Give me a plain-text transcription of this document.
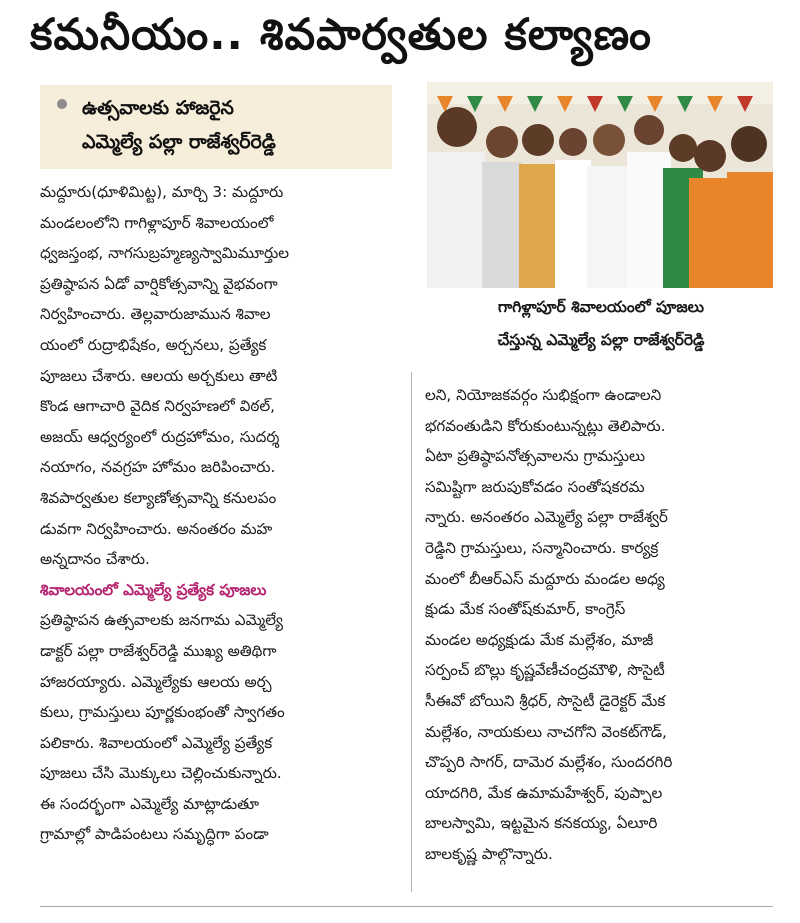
కమనీయం.. శివపార్వతుల కల్యాణం
ఉత్సవాలకు హాజరైన
ఎమ్మెల్యే పల్లా రాజేశ్వర్‌రెడ్డి
గాగిళ్లాపూర్ శివాలయంలో పూజలు
చేస్తున్న ఎమ్మెల్యే పల్లా రాజేశ్వర్‌రెడ్డి
మద్దూరు(ధూళిమిట్ట), మార్చి 3: మద్దూరు
మండలంలోని గాగిళ్లాపూర్ శివాలయంలో
ధ్వజస్తంభ, నాగసుబ్రహ్మణ్యస్వామిమూర్తుల
ప్రతిష్ఠాపన ఏడో వార్షికోత్సవాన్ని వైభవంగా
నిర్వహించారు. తెల్లవారుజామున శివాల
యంలో రుద్రాభిషేకం, అర్చనలు, ప్రత్యేక
పూజలు చేశారు. ఆలయ అర్చకులు తాటి
కొండ ఆగాచారి వైదిక నిర్వహణలో విఠల్,
అజయ్ ఆధ్వర్యంలో రుద్రహోమం, సుదర్శ
నయాగం, నవగ్రహ హోమం జరిపించారు.
శివపార్వతుల కల్యాణోత్సవాన్ని కనులపం
డువగా నిర్వహించారు. అనంతరం మహ
అన్నదానం చేశారు.
శివాలయంలో ఎమ్మెల్యే ప్రత్యేక పూజలు
ప్రతిష్ఠాపన ఉత్సవాలకు జనగామ ఎమ్మెల్యే
డాక్టర్ పల్లా రాజేశ్వర్‌రెడ్డి ముఖ్య అతిథిగా
హాజరయ్యారు. ఎమ్మెల్యేకు ఆలయ అర్చ
కులు, గ్రామస్తులు పూర్ణకుంభంతో స్వాగతం
పలికారు. శివాలయంలో ఎమ్మెల్యే ప్రత్యేక
పూజలు చేసి మొక్కులు చెల్లించుకున్నారు.
ఈ సందర్భంగా ఎమ్మెల్యే మాట్లాడుతూ
గ్రామాల్లో పాడిపంటలు సమృద్ధిగా పండా
లని, నియోజకవర్గం సుభిక్షంగా ఉండాలని
భగవంతుడిని కోరుకుంటున్నట్లు తెలిపారు.
ఏటా ప్రతిష్ఠాపనోత్సవాలను గ్రామస్తులు
సమిష్టిగా జరుపుకోవడం సంతోషకరమ
న్నారు. అనంతరం ఎమ్మెల్యే పల్లా రాజేశ్వర్
రెడ్డిని గ్రామస్తులు, సన్మానించారు. కార్యక్ర
మంలో బీఆర్ఎస్ మద్దూరు మండల అధ్య
క్షుడు మేక సంతోష్‌కుమార్, కాంగ్రెస్
మండల అధ్యక్షుడు మేక మల్లేశం, మాజీ
సర్పంచ్ బొల్లు కృష్ణవేణీచంద్రమౌళి, సొసైటీ
సీఈవో బోయిని శ్రీధర్, సొసైటీ డైరెక్టర్ మేక
మల్లేశం, నాయకులు నాచగోని వెంకట్‌గౌడ్,
చొప్పరి సాగర్, దామెర మల్లేశం, సుందరగిరి
యాదగిరి, మేక ఉమామహేశ్వర్, పుప్పాల
బాలస్వామి, ఇట్టమైన కనకయ్య, ఏలూరి
బాలకృష్ణ పాల్గొన్నారు.
